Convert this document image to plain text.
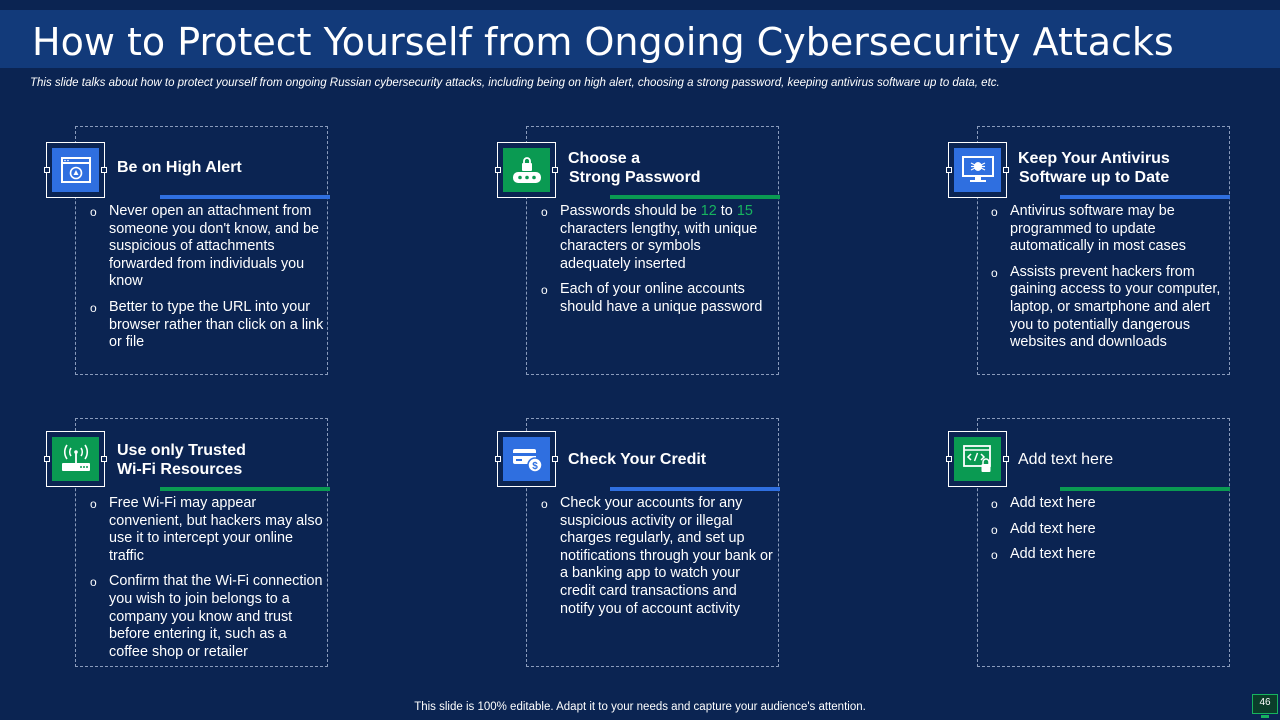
How to Protect Yourself from Ongoing Cybersecurity Attacks
This slide talks about how to protect yourself from ongoing Russian cybersecurity attacks, including being on high alert, choosing a strong password, keeping antivirus software up to data, etc.
Be on High Alert
o Never open an attachment from someone you don't know, and be suspicious of attachments forwarded from individuals you know
o Better to type the URL into your browser rather than click on a link or file
Choose a
Strong Password
o Passwords should be 12 to 15 characters lengthy, with unique characters or symbols adequately inserted
o Each of your online accounts should have a unique password
Keep Your Antivirus
Software up to Date
o Antivirus software may be programmed to update automatically in most cases
o Assists prevent hackers from gaining access to your computer, laptop, or smartphone and alert you to potentially dangerous websites and downloads
Use only Trusted
Wi-Fi Resources
o Free Wi-Fi may appear convenient, but hackers may also use it to intercept your online traffic
o Confirm that the Wi-Fi connection you wish to join belongs to a company you know and trust before entering it, such as a coffee shop or retailer
$ Check Your Credit
o Check your accounts for any suspicious activity or illegal charges regularly, and set up notifications through your bank or a banking app to watch your credit card transactions and notify you of account activity
Add text here
o Add text here
o Add text here
o Add text here
This slide is 100% editable. Adapt it to your needs and capture your audience's attention.	46
